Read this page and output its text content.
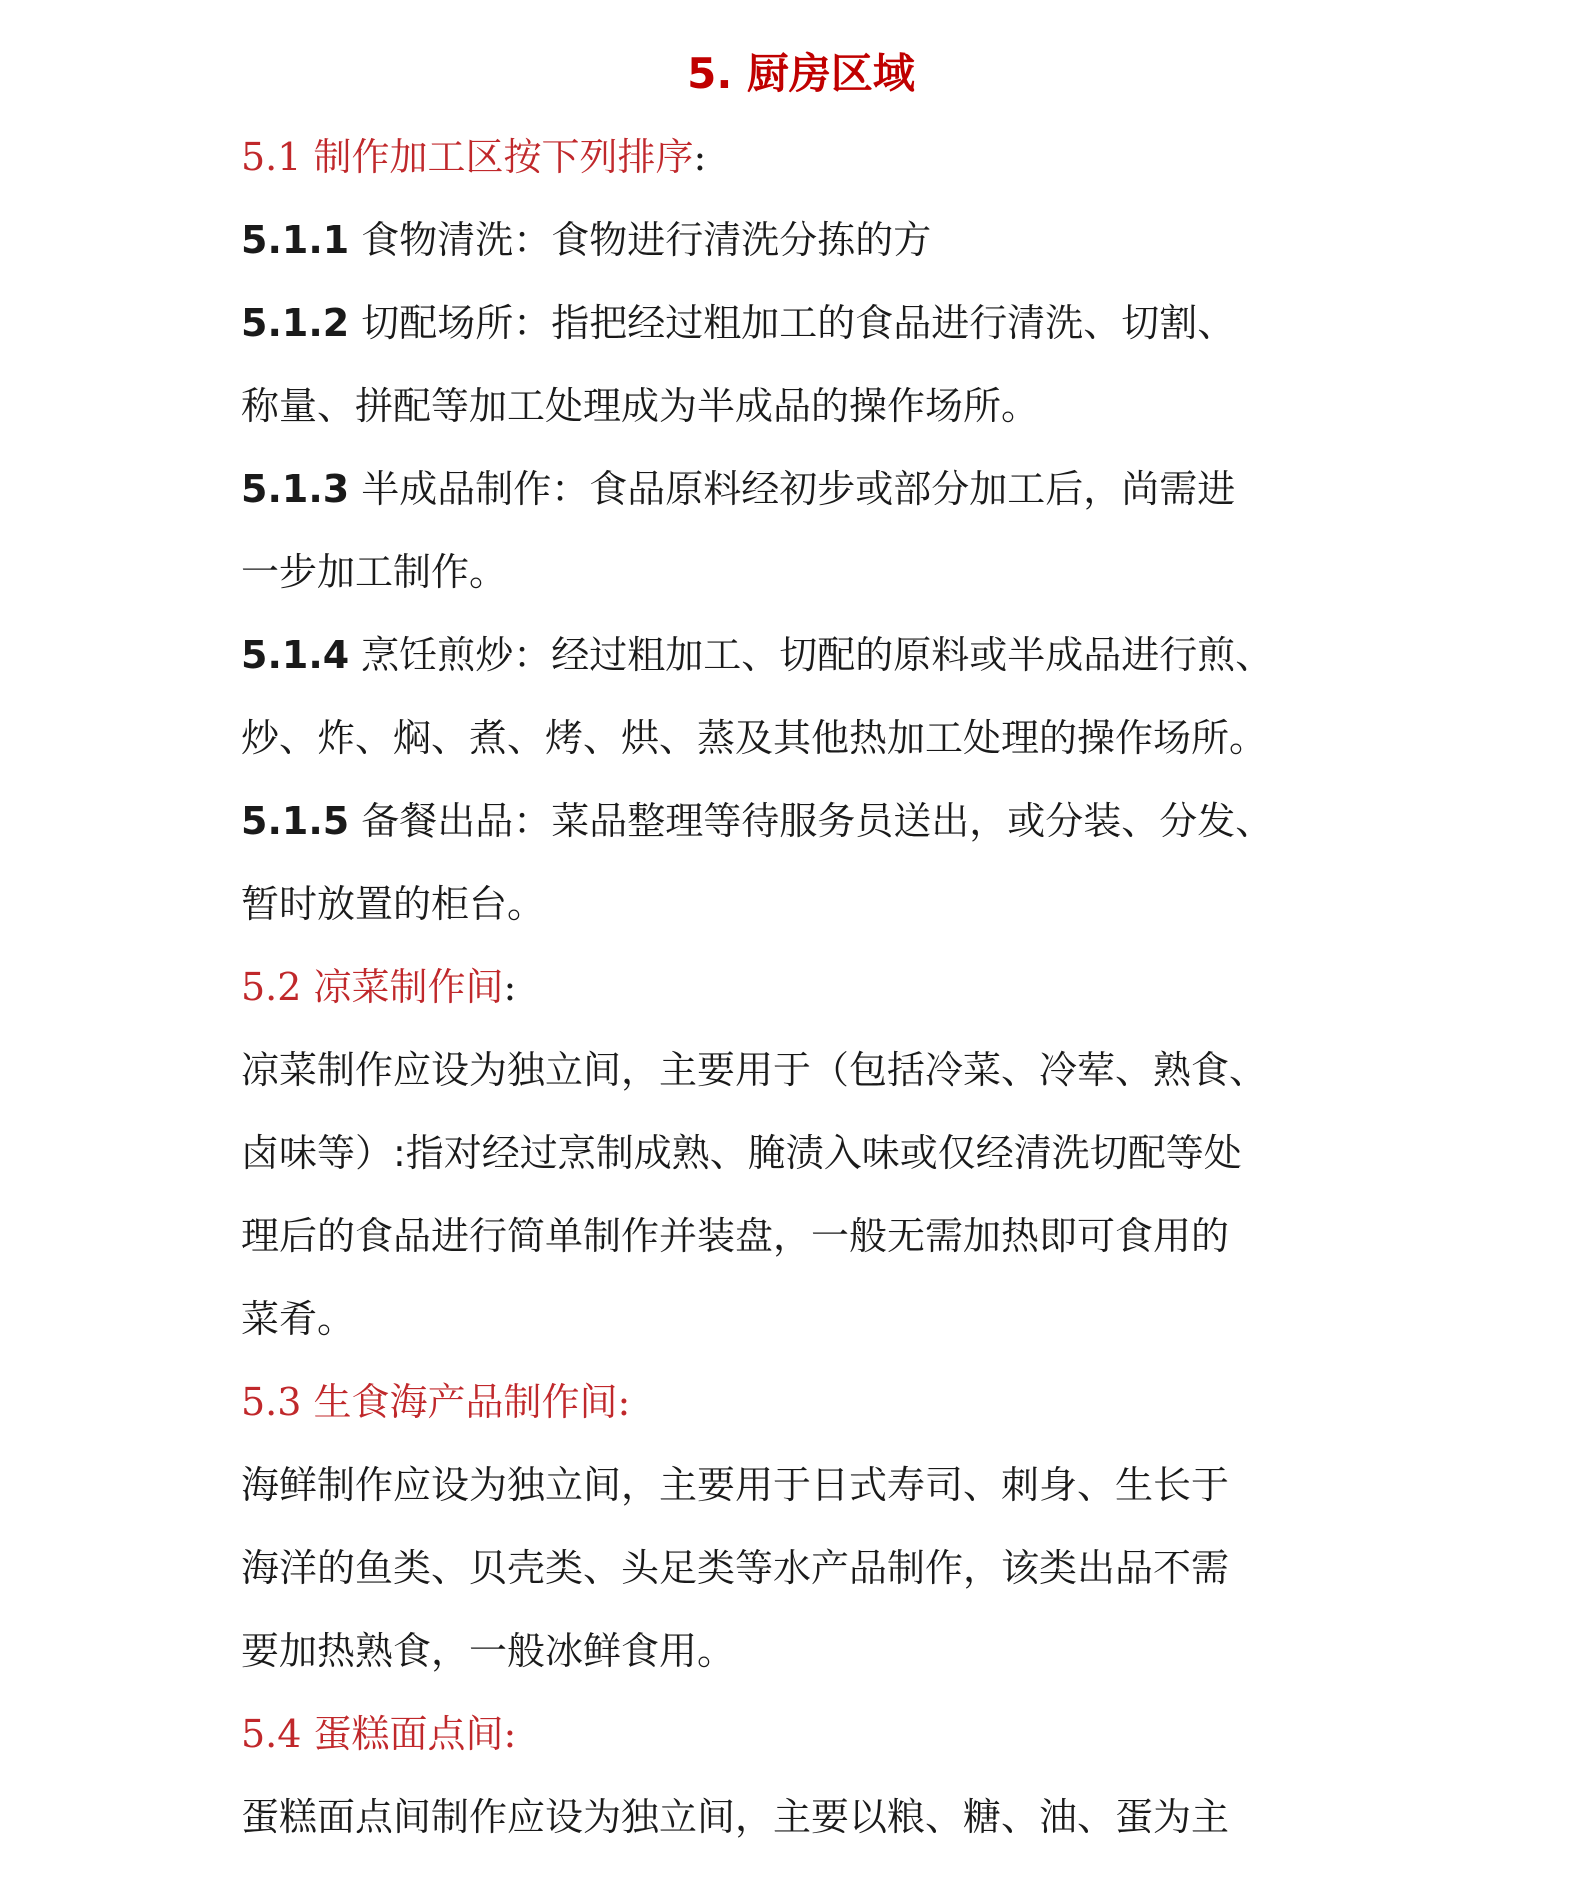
5. 厨房区域
5.1 制作加工区按下列排序:
5.1.1 食物清洗：食物进行清洗分拣的方
5.1.2 切配场所：指把经过粗加工的食品进行清洗、切割、
称量、拼配等加工处理成为半成品的操作场所。
5.1.3 半成品制作：食品原料经初步或部分加工后，尚需进
一步加工制作。
5.1.4 烹饪煎炒：经过粗加工、切配的原料或半成品进行煎、
炒、炸、焖、煮、烤、烘、蒸及其他热加工处理的操作场所。
5.1.5 备餐出品：菜品整理等待服务员送出，或分装、分发、
暂时放置的柜台。
5.2 凉菜制作间:
凉菜制作应设为独立间，主要用于（包括冷菜、冷荤、熟食、
卤味等）:指对经过烹制成熟、腌渍入味或仅经清洗切配等处
理后的食品进行简单制作并装盘，一般无需加热即可食用的
菜肴。
5.3 生食海产品制作间:
海鲜制作应设为独立间，主要用于日式寿司、刺身、生长于
海洋的鱼类、贝壳类、头足类等水产品制作，该类出品不需
要加热熟食，一般冰鲜食用。
5.4 蛋糕面点间:
蛋糕面点间制作应设为独立间，主要以粮、糖、油、蛋为主
